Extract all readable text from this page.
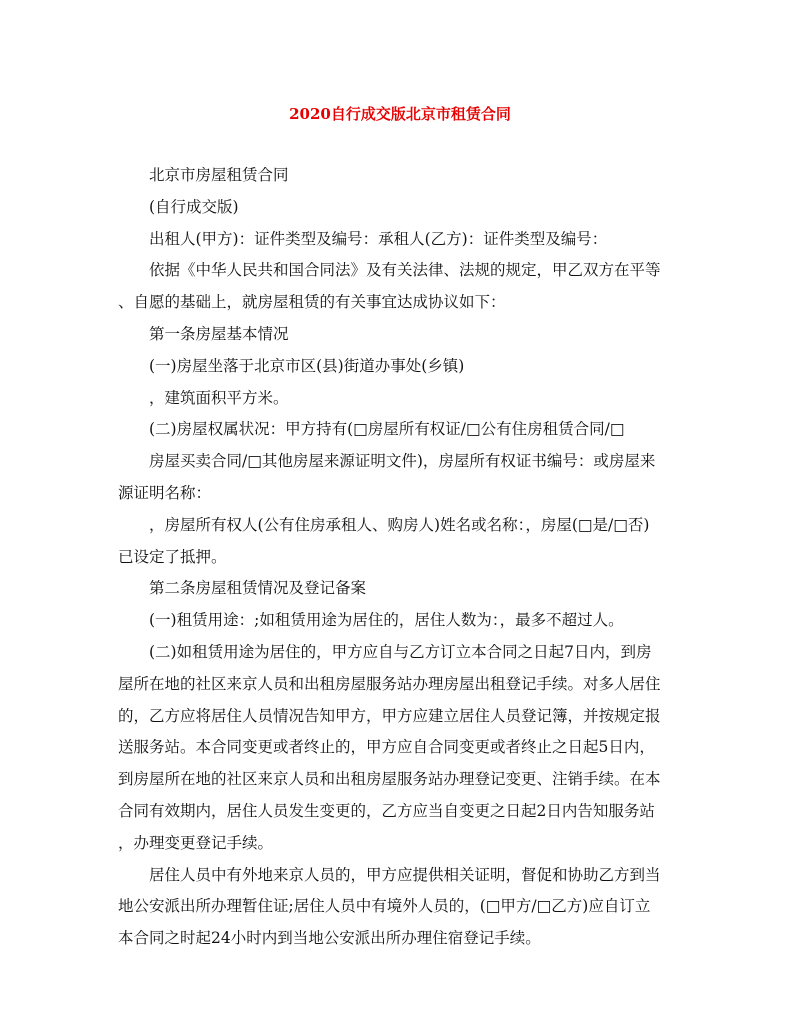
2020自行成交版北京市租赁合同

北京市房屋租赁合同

(自行成交版)

出租人(甲方)：证件类型及编号：承租人(乙方)：证件类型及编号：

依据《中华人民共和国合同法》及有关法律、法规的规定，甲乙双方在平等
、自愿的基础上，就房屋租赁的有关事宜达成协议如下：

第一条房屋基本情况

(一)房屋坐落于北京市区(县)街道办事处(乡镇)

，建筑面积平方米。

(二)房屋权属状况：甲方持有(□房屋所有权证/□公有住房租赁合同/□

房屋买卖合同/□其他房屋来源证明文件)，房屋所有权证书编号：或房屋来
源证明名称：

，房屋所有权人(公有住房承租人、购房人)姓名或名称：，房屋(□是/□否)
已设定了抵押。

第二条房屋租赁情况及登记备案

(一)租赁用途：;如租赁用途为居住的，居住人数为：，最多不超过人。

(二)如租赁用途为居住的，甲方应自与乙方订立本合同之日起7日内，到房
屋所在地的社区来京人员和出租房屋服务站办理房屋出租登记手续。对多人居住
的，乙方应将居住人员情况告知甲方，甲方应建立居住人员登记簿，并按规定报
送服务站。本合同变更或者终止的，甲方应自合同变更或者终止之日起5日内，
到房屋所在地的社区来京人员和出租房屋服务站办理登记变更、注销手续。在本
合同有效期内，居住人员发生变更的，乙方应当自变更之日起2日内告知服务站
，办理变更登记手续。

居住人员中有外地来京人员的，甲方应提供相关证明，督促和协助乙方到当
地公安派出所办理暂住证;居住人员中有境外人员的，(□甲方/□乙方)应自订立
本合同之时起24小时内到当地公安派出所办理住宿登记手续。
